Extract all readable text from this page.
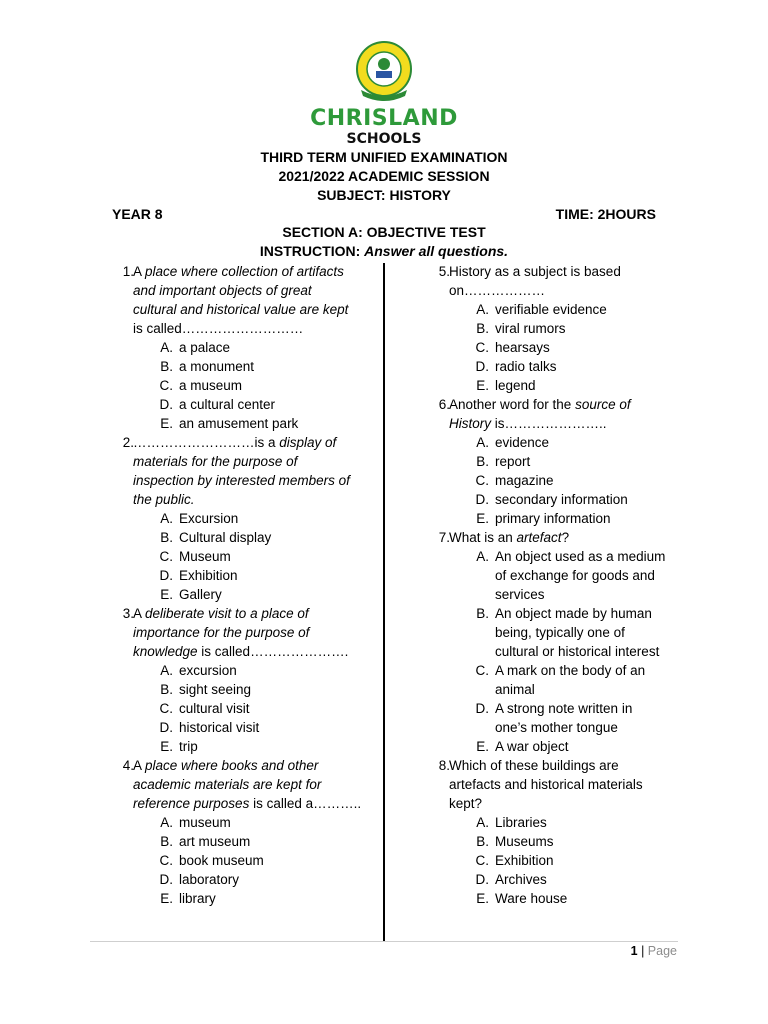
CHRISLAND
SCHOOLS
THIRD TERM UNIFIED EXAMINATION
2021/2022 ACADEMIC SESSION
SUBJECT: HISTORY
YEAR 8	TIME: 2HOURS
SECTION A: OBJECTIVE TEST
INSTRUCTION: Answer all questions.
1. A place where collection of artifacts
and important objects of great
cultural and historical value are kept
is called………………………
A. a palace
B. a monument
C. a museum
D. a cultural center
E. an amusement park
2. ………………………is a display of
materials for the purpose of
inspection by interested members of
the public.
A. Excursion
B. Cultural display
C. Museum
D. Exhibition
E. Gallery
3. A deliberate visit to a place of
importance for the purpose of
knowledge is called………………….
A. excursion
B. sight seeing
C. cultural visit
D. historical visit
E. trip
4. A place where books and other
academic materials are kept for
reference purposes is called a………..
A. museum
B. art museum
C. book museum
D. laboratory
E. library
5. History as a subject is based
on………………
A. verifiable evidence
B. viral rumors
C. hearsays
D. radio talks
E. legend
6. Another word for the source of
History is…………………..
A. evidence
B. report
C. magazine
D. secondary information
E. primary information
7. What is an artefact?
A. An object used as a medium
of exchange for goods and
services
B. An object made by human
being, typically one of
cultural or historical interest
C. A mark on the body of an
animal
D. A strong note written in
one’s mother tongue
E. A war object
8. Which of these buildings are
artefacts and historical materials
kept?
A. Libraries
B. Museums
C. Exhibition
D. Archives
E. Ware house
1 | Page
